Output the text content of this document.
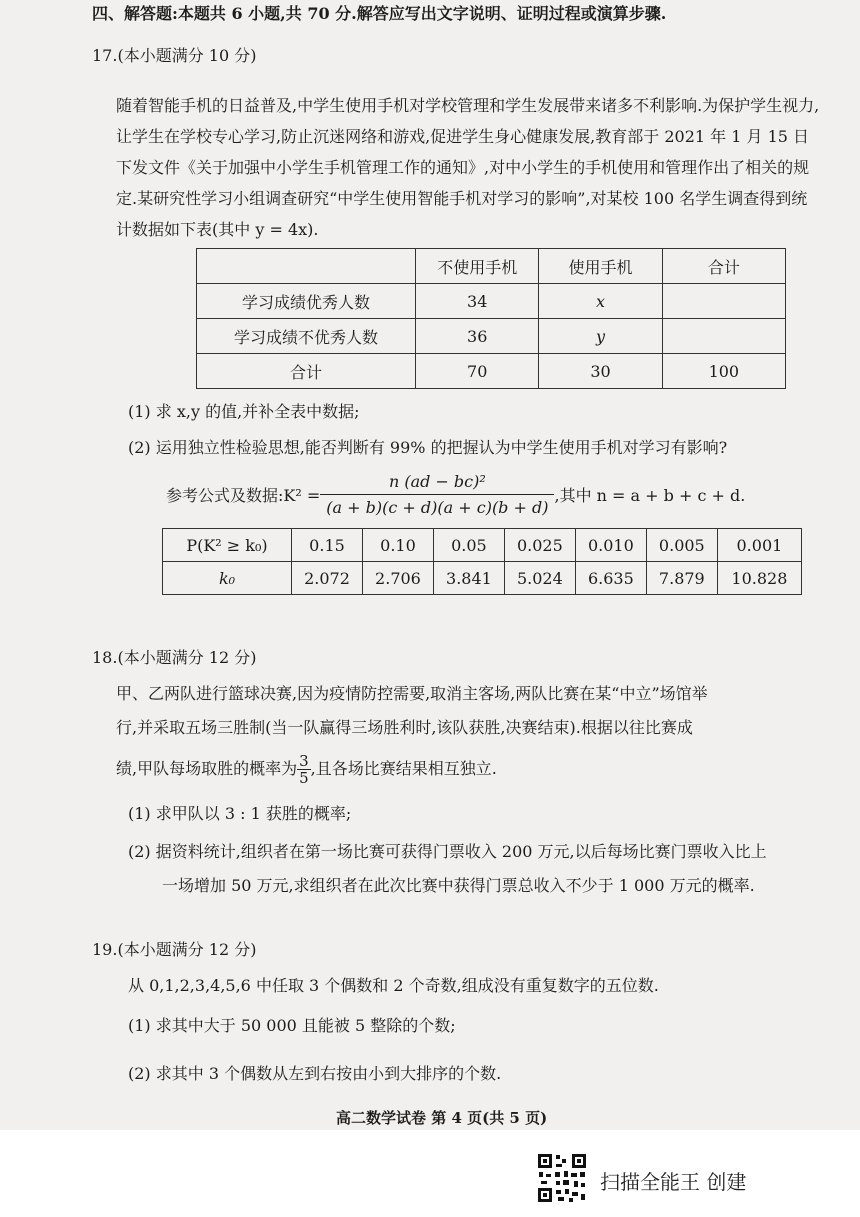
四、解答题:本题共 6 小题,共 70 分.解答应写出文字说明、证明过程或演算步骤.
17.(本小题满分 10 分)
随着智能手机的日益普及,中学生使用手机对学校管理和学生发展带来诸多不利影响.为保护学生视力,让学生在学校专心学习,防止沉迷网络和游戏,促进学生身心健康发展,教育部于 2021 年 1 月 15 日下发文件《关于加强中小学生手机管理工作的通知》,对中小学生的手机使用和管理作出了相关的规定.某研究性学习小组调查研究“中学生使用智能手机对学习的影响”,对某校 100 名学生调查得到统计数据如下表(其中 y = 4x).
	不使用手机	使用手机	合计
学习成绩优秀人数	34	x	
学习成绩不优秀人数	36	y	
合计	70	30	100
(1) 求 x,y 的值,并补全表中数据;
(2) 运用独立性检验思想,能否判断有 99% 的把握认为中学生使用手机对学习有影响?
参考公式及数据:K² = $\frac{\text{n (ad − bc)²}}{(a + b)(c + d)(a + c)(b + d)}$ ,其中 n = a + b + c + d.
P(K² ≥ k₀)	0.15	0.10	0.05	0.025	0.010	0.005	0.001
k₀	2.072	2.706	3.841	5.024	6.635	7.879	10.828
18.(本小题满分 12 分)
甲、乙两队进行篮球决赛,因为疫情防控需要,取消主客场,两队比赛在某“中立”场馆举
行,并采取五场三胜制(当一队赢得三场胜利时,该队获胜,决赛结束).根据以往比赛成
绩,甲队每场取胜的概率为 $\frac{3}{5}$ ,且各场比赛结果相互独立.
(1) 求甲队以 3 : 1 获胜的概率;
(2) 据资料统计,组织者在第一场比赛可获得门票收入 200 万元,以后每场比赛门票收入比上
一场增加 50 万元,求组织者在此次比赛中获得门票总收入不少于 1 000 万元的概率.
19.(本小题满分 12 分)
从 0,1,2,3,4,5,6 中任取 3 个偶数和 2 个奇数,组成没有重复数字的五位数.
(1) 求其中大于 50 000 且能被 5 整除的个数;
(2) 求其中 3 个偶数从左到右按由小到大排序的个数.
高二数学试卷 第 4 页(共 5 页)
扫描全能王 创建
